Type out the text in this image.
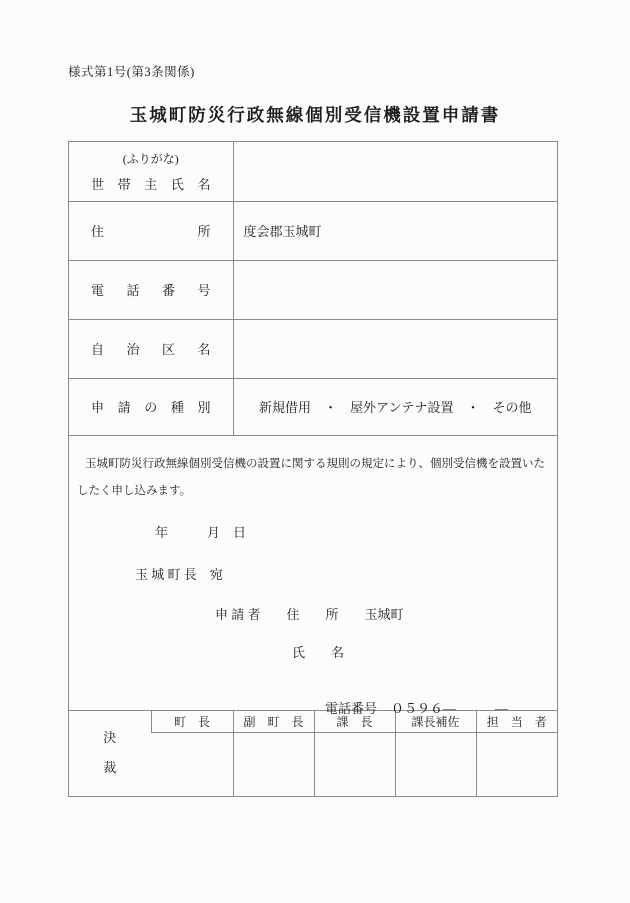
様式第1号(第3条関係)
玉城町防災行政無線個別受信機設置申請書
(ふりがな)
世帯主氏名	

住所	度会郡玉城町

電話番号	

自治区名	

申請の種別	新規借用　・　屋外アンテナ設置　・　その他

玉城町防災行政無線個別受信機の設置に関する規則の規定により、個別受信機を設置いたしたく申し込みます。

年　　　月　日
玉 城 町 長　宛
申 請 者　　住　　所　　玉城町
氏　　名

電話番号 ０５９６―　　　―

決裁	町　長	副　町　長	課　長	課長補佐	担　当　者
